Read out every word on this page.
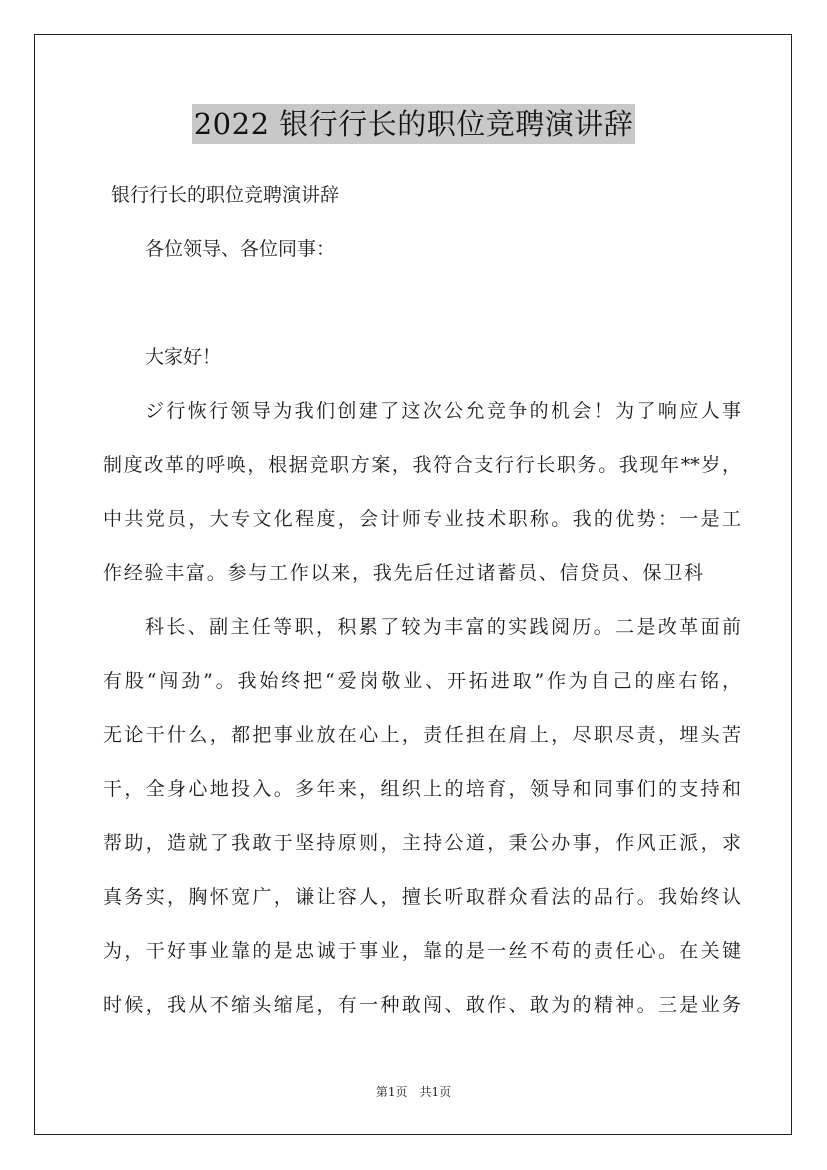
2022 银行行长的职位竞聘演讲辞
银行行长的职位竞聘演讲辞
各位领导、各位同事：
大家好！
ジ行恢行领导为我们创建了这次公允竞争的机会！为了响应人事
制度改革的呼唤，根据竞职方案，我符合支行行长职务。我现年**岁，
中共党员，大专文化程度，会计师专业技术职称。我的优势：一是工
作经验丰富。参与工作以来，我先后任过诸蓄员、信贷员、保卫科
科长、副主任等职，积累了较为丰富的实践阅历。二是改革面前
有股“闯劲”。我始终把“爱岗敬业、开拓进取”作为自己的座右铭，
无论干什么，都把事业放在心上，责任担在肩上，尽职尽责，埋头苦
干，全身心地投入。多年来，组织上的培育，领导和同事们的支持和
帮助，造就了我敢于坚持原则，主持公道，秉公办事，作风正派，求
真务实，胸怀宽广，谦让容人，擅长听取群众看法的品行。我始终认
为，干好事业靠的是忠诚于事业，靠的是一丝不苟的责任心。在关键
时候，我从不缩头缩尾，有一种敢闯、敢作、敢为的精神。三是业务
第1页　共1页
